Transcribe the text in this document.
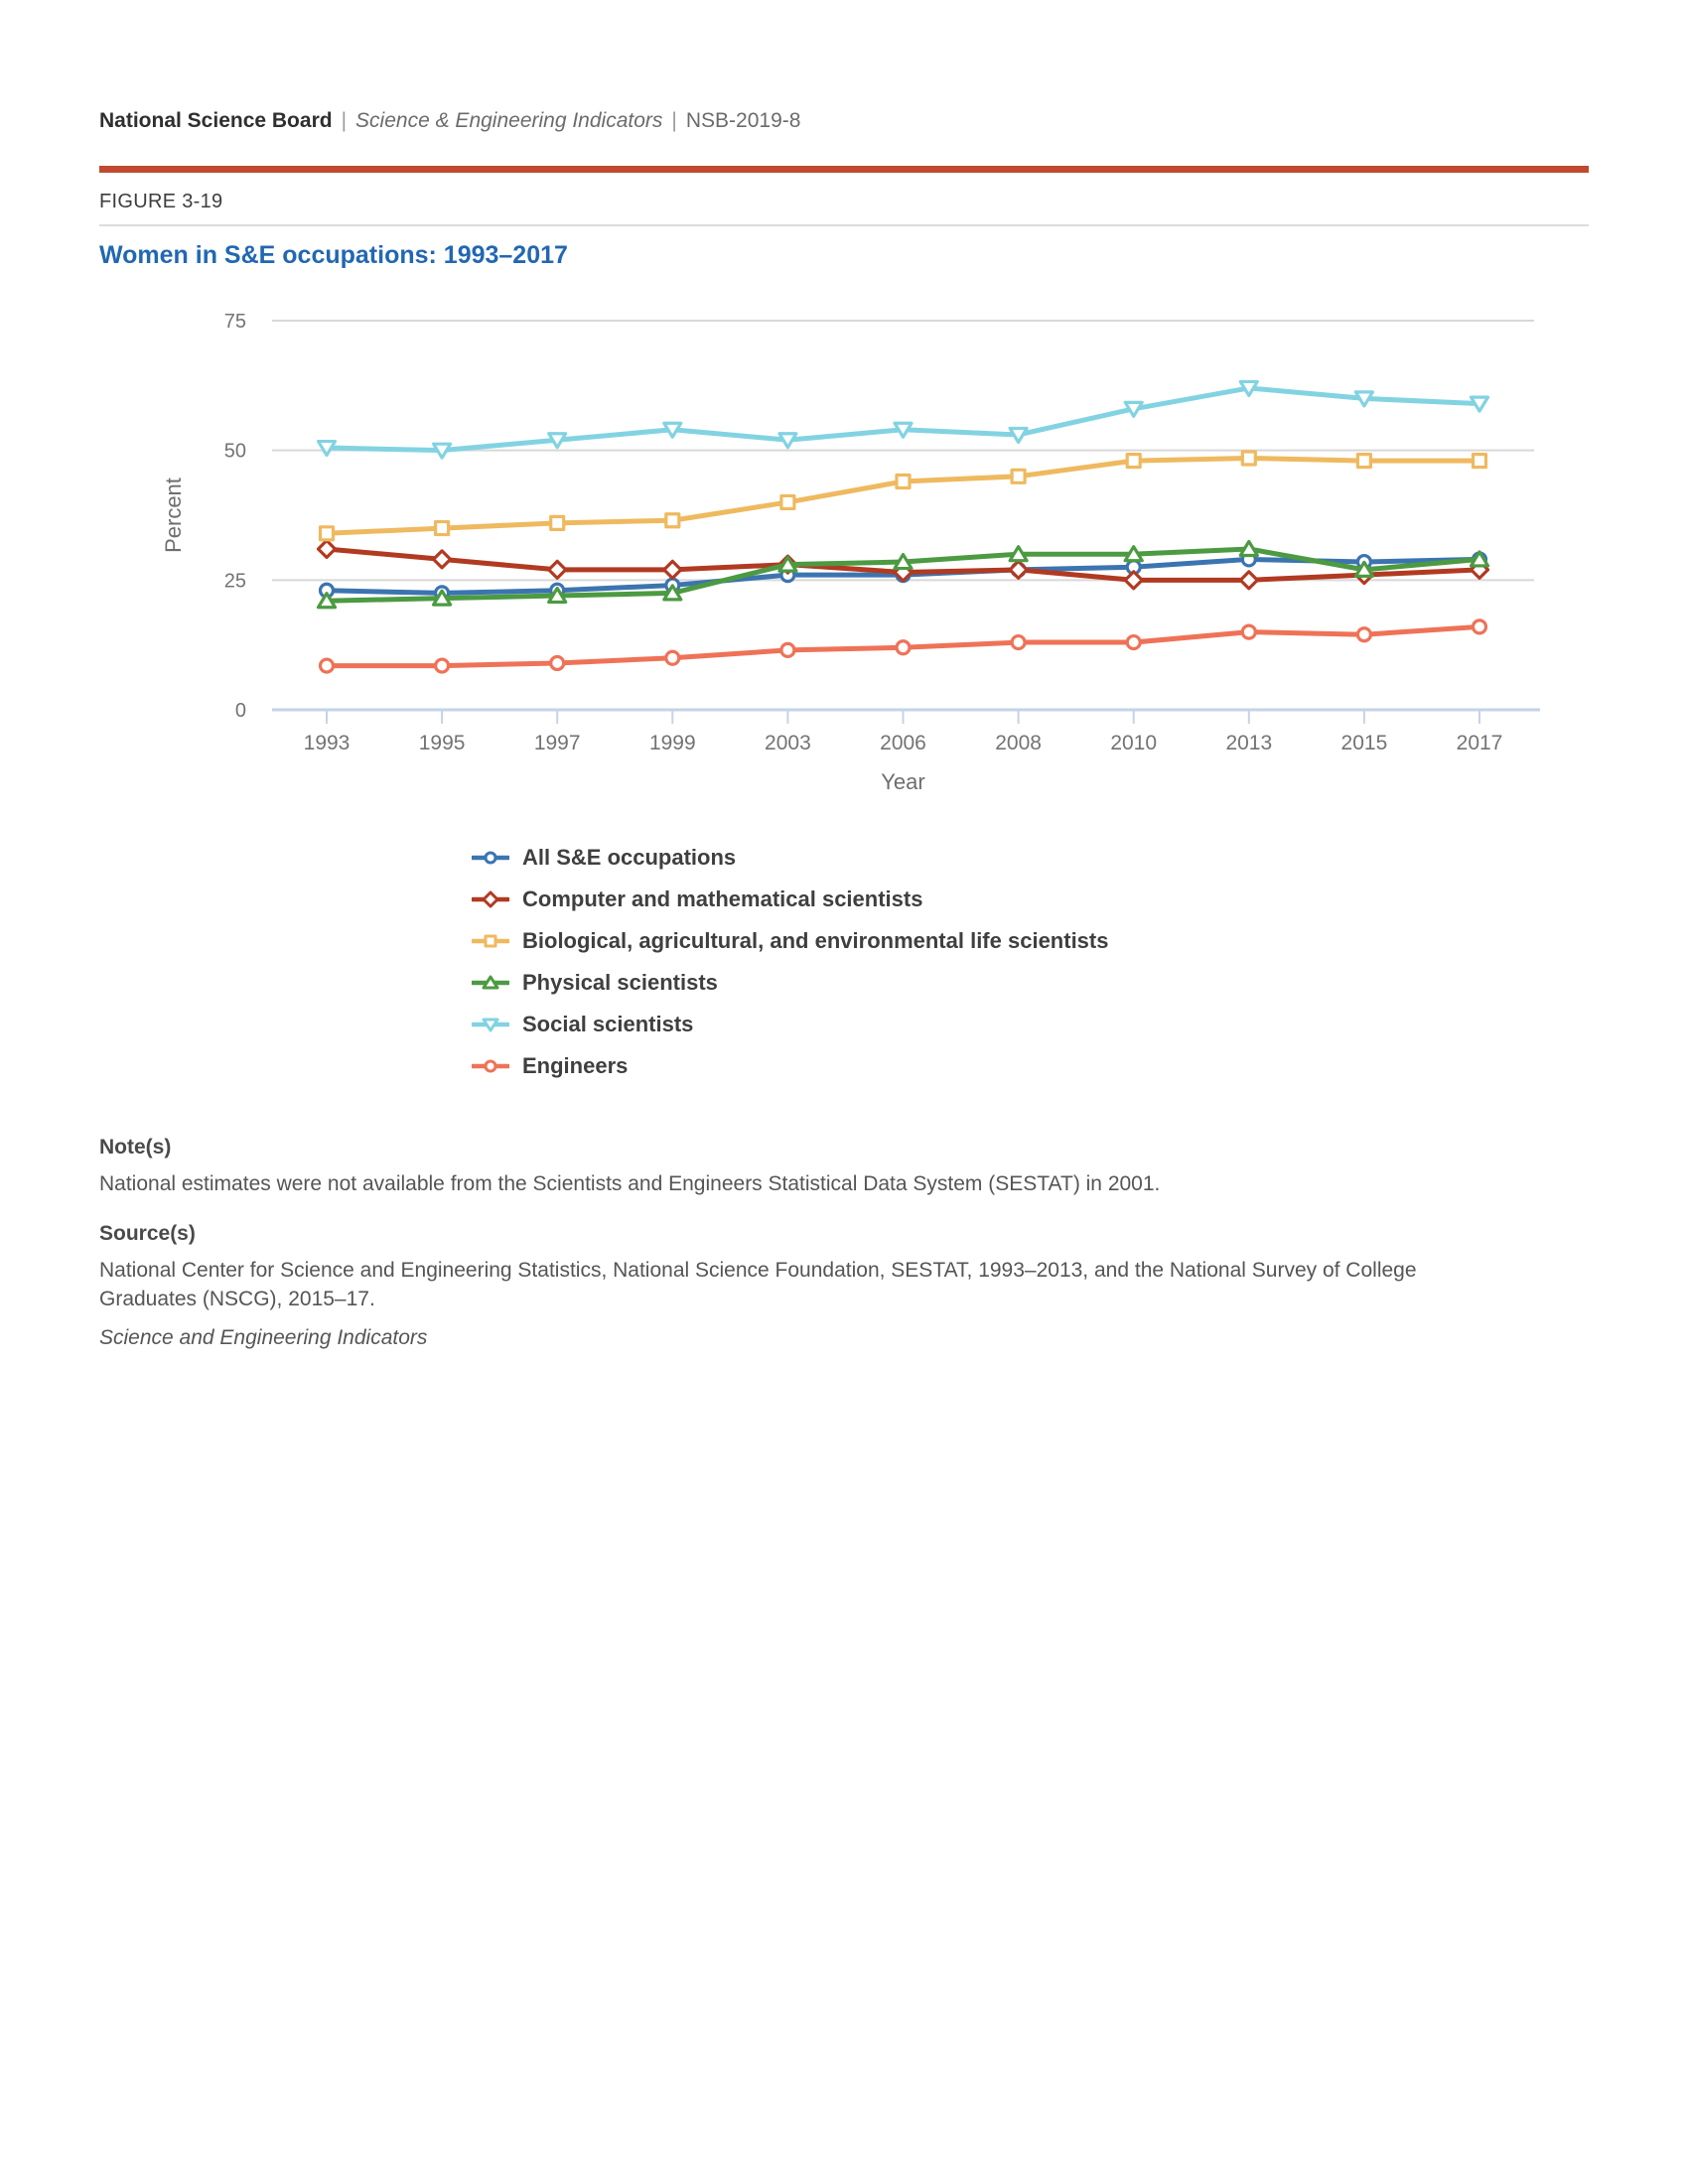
National Science Board | Science & Engineering Indicators | NSB-2019-8
FIGURE 3-19
Women in S&E occupations: 1993–2017
0
25
50
75
1993	1995	1997	1999	2003	2006	2008	2010	2013	2015	2017
Percent
Year
All S&E occupations
Computer and mathematical scientists
Biological, agricultural, and environmental life scientists
Physical scientists
Social scientists
Engineers
Note(s)

National estimates were not available from the Scientists and Engineers Statistical Data System (SESTAT) in 2001.

Source(s)

National Center for Science and Engineering Statistics, National Science Foundation, SESTAT, 1993–2013, and the National Survey of College Graduates (NSCG), 2015–17.

Science and Engineering Indicators
